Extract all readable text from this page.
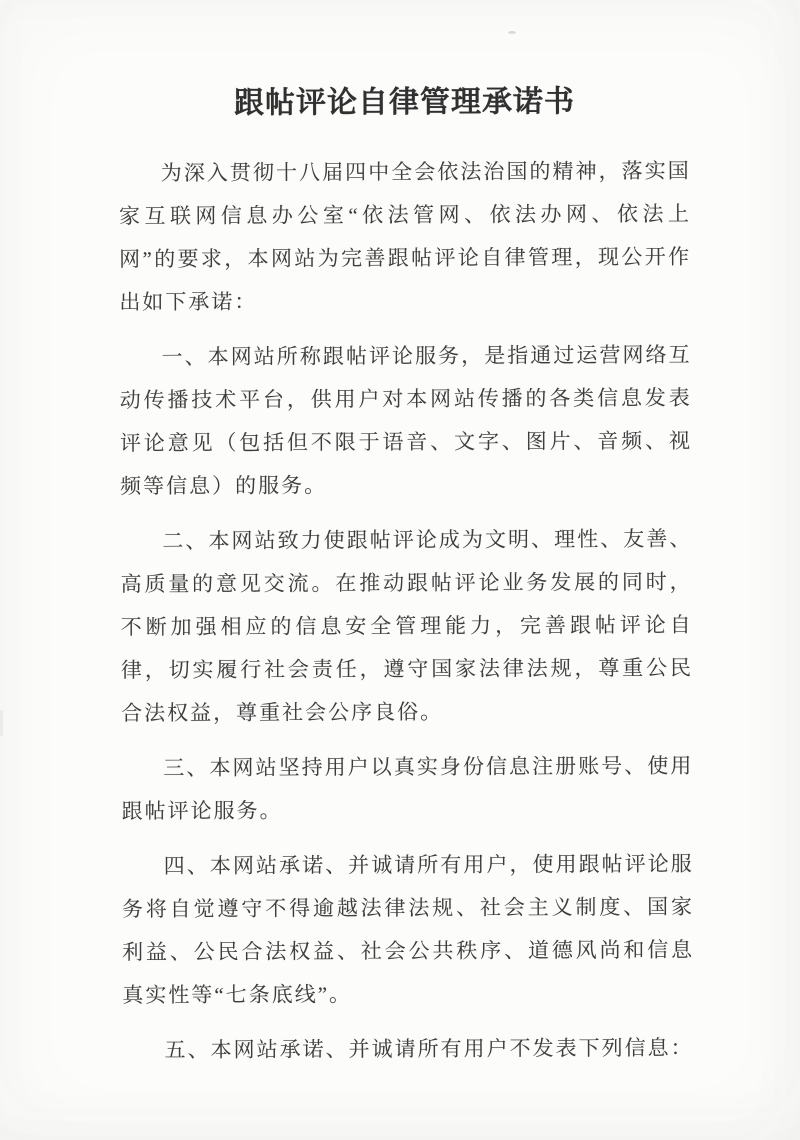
跟帖评论自律管理承诺书

为深入贯彻十八届四中全会依法治国的精神，落实国家互联网信息办公室“依法管网、依法办网、依法上网”的要求，本网站为完善跟帖评论自律管理，现公开作出如下承诺：

一、本网站所称跟帖评论服务，是指通过运营网络互动传播技术平台，供用户对本网站传播的各类信息发表评论意见（包括但不限于语音、文字、图片、音频、视频等信息）的服务。

二、本网站致力使跟帖评论成为文明、理性、友善、高质量的意见交流。在推动跟帖评论业务发展的同时，不断加强相应的信息安全管理能力，完善跟帖评论自律，切实履行社会责任，遵守国家法律法规，尊重公民合法权益，尊重社会公序良俗。

三、本网站坚持用户以真实身份信息注册账号、使用跟帖评论服务。

四、本网站承诺、并诚请所有用户，使用跟帖评论服务将自觉遵守不得逾越法律法规、社会主义制度、国家利益、公民合法权益、社会公共秩序、道德风尚和信息真实性等“七条底线”。

五、本网站承诺、并诚请所有用户不发表下列信息：
